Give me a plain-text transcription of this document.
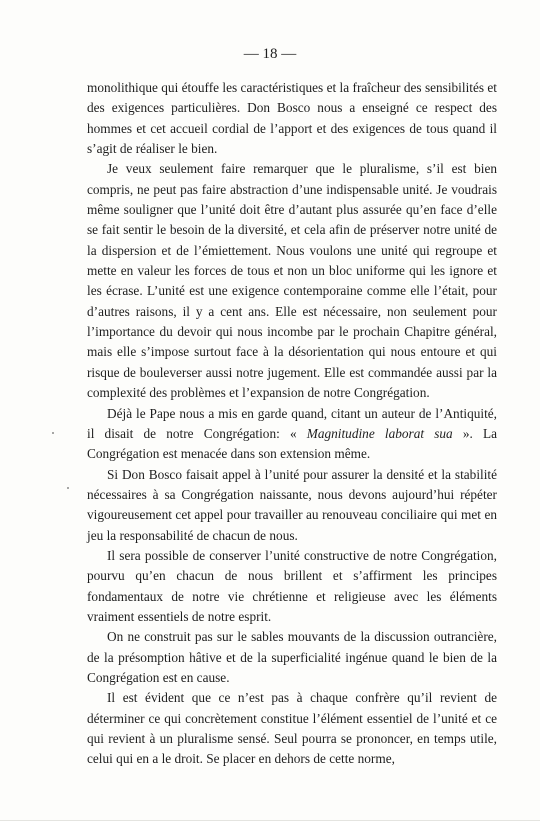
— 18 —

monolithique qui étouffe les caractéristiques et la fraîcheur des sensibilités et des exigences particulières. Don Bosco nous a enseigné ce respect des hommes et cet accueil cordial de l’apport et des exigences de tous quand il s’agit de réaliser le bien.

Je veux seulement faire remarquer que le pluralisme, s’il est bien compris, ne peut pas faire abstraction d’une indispensable unité. Je voudrais même souligner que l’unité doit être d’autant plus assurée qu’en face d’elle se fait sentir le besoin de la diversité, et cela afin de préserver notre unité de la dispersion et de l’émiettement. Nous voulons une unité qui regroupe et mette en valeur les forces de tous et non un bloc uniforme qui les ignore et les écrase. L’unité est une exigence contemporaine comme elle l’était, pour d’autres raisons, il y a cent ans. Elle est nécessaire, non seulement pour l’importance du devoir qui nous incombe par le prochain Chapitre général, mais elle s’impose surtout face à la désorientation qui nous entoure et qui risque de bouleverser aussi notre jugement. Elle est commandée aussi par la complexité des problèmes et l’expansion de notre Congrégation.

Déjà le Pape nous a mis en garde quand, citant un auteur de l’Antiquité, il disait de notre Congrégation: « Magnitudine laborat sua ». La Congrégation est menacée dans son extension même.

Si Don Bosco faisait appel à l’unité pour assurer la densité et la stabilité nécessaires à sa Congrégation naissante, nous devons aujourd’hui répéter vigoureusement cet appel pour travailler au renouveau conciliaire qui met en jeu la responsabilité de chacun de nous.

Il sera possible de conserver l’unité constructive de notre Congrégation, pourvu qu’en chacun de nous brillent et s’affirment les principes fondamentaux de notre vie chrétienne et religieuse avec les éléments vraiment essentiels de notre esprit.

On ne construit pas sur le sables mouvants de la discussion outrancière, de la présomption hâtive et de la superficialité ingénue quand le bien de la Congrégation est en cause.

Il est évident que ce n’est pas à chaque confrère qu’il revient de déterminer ce qui concrètement constitue l’élément essentiel de l’unité et ce qui revient à un pluralisme sensé. Seul pourra se prononcer, en temps utile, celui qui en a le droit. Se placer en dehors de cette norme,
